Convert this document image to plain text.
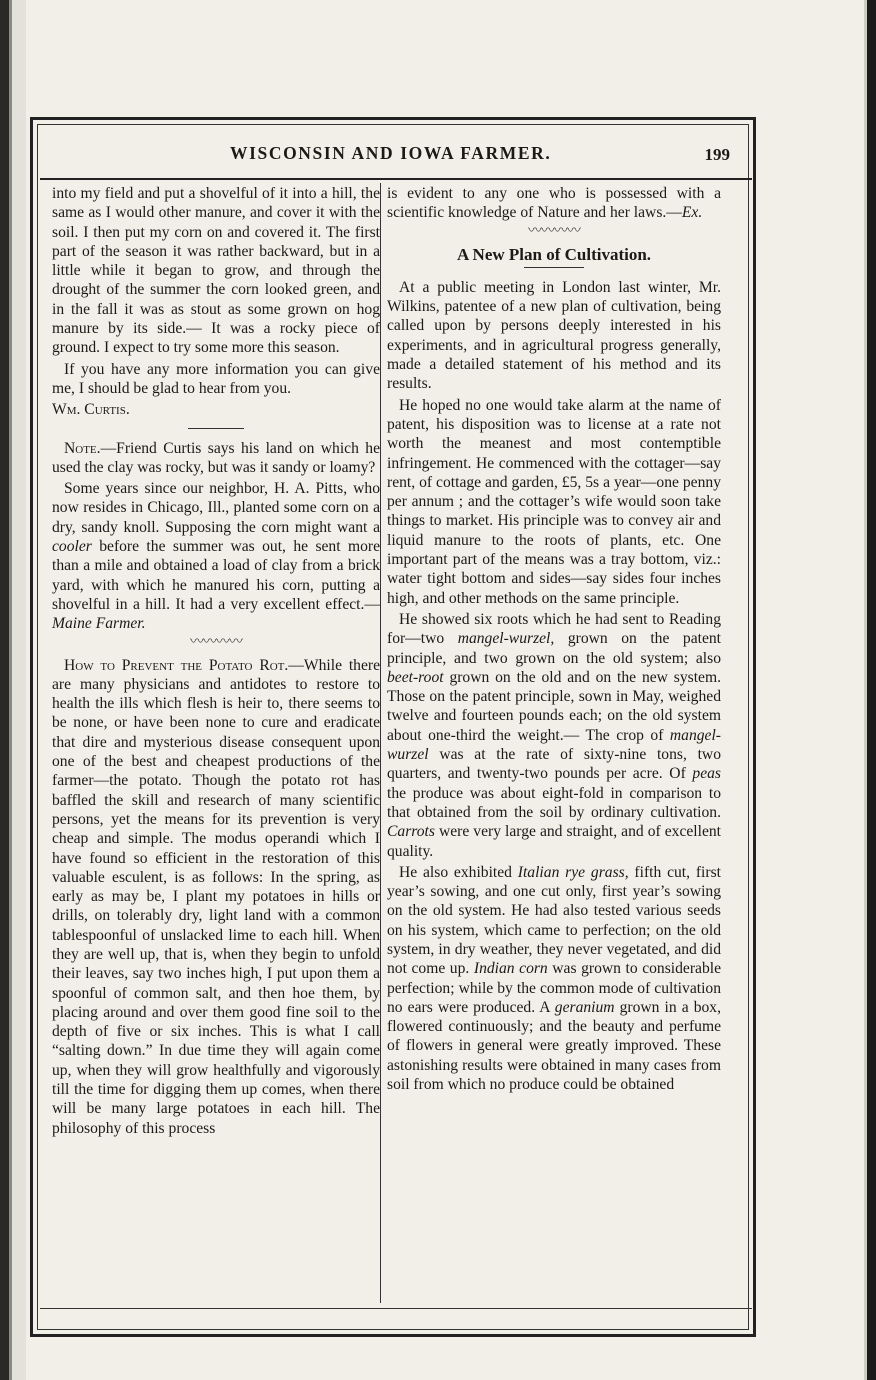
WISCONSIN AND IOWA FARMER.	199

into my field and put a shovelful of it into a hill, the same as I would other manure, and cover it with the soil. I then put my corn on and covered it. The first part of the season it was rather backward, but in a little while it began to grow, and through the drought of the summer the corn looked green, and in the fall it was as stout as some grown on hog manure by its side.— It was a rocky piece of ground. I expect to try some more this season.

If you have any more information you can give me, I should be glad to hear from you.

Wm. Curtis.

Note.—Friend Curtis says his land on which he used the clay was rocky, but was it sandy or loamy?

Some years since our neighbor, H. A. Pitts, who now resides in Chicago, Ill., planted some corn on a dry, sandy knoll. Supposing the corn might want a cooler before the summer was out, he sent more than a mile and obtained a load of clay from a brick yard, with which he manured his corn, putting a shovelful in a hill. It had a very excellent effect.—Maine Farmer.

〰〰〰〰

How to Prevent the Potato Rot.—While there are many physicians and antidotes to restore to health the ills which flesh is heir to, there seems to be none, or have been none to cure and eradicate that dire and mysterious disease consequent upon one of the best and cheapest productions of the farmer—the potato. Though the potato rot has baffled the skill and research of many scientific persons, yet the means for its prevention is very cheap and simple. The modus operandi which I have found so efficient in the restoration of this valuable esculent, is as follows: In the spring, as early as may be, I plant my potatoes in hills or drills, on tolerably dry, light land with a common tablespoonful of unslacked lime to each hill. When they are well up, that is, when they begin to unfold their leaves, say two inches high, I put upon them a spoonful of common salt, and then hoe them, by placing around and over them good fine soil to the depth of five or six inches. This is what I call “salting down.” In due time they will again come up, when they will grow healthfully and vigorously till the time for digging them up comes, when there will be many large potatoes in each hill. The philosophy of this process

is evident to any one who is possessed with a scientific knowledge of Nature and her laws.—Ex.

〰〰〰〰
A New Plan of Cultivation.

At a public meeting in London last winter, Mr. Wilkins, patentee of a new plan of cultivation, being called upon by persons deeply interested in his experiments, and in agricultural progress generally, made a detailed statement of his method and its results.

He hoped no one would take alarm at the name of patent, his disposition was to license at a rate not worth the meanest and most contemptible infringement. He commenced with the cottager—say rent, of cottage and garden, £5, 5s a year—one penny per annum ; and the cottager’s wife would soon take things to market. His principle was to convey air and liquid manure to the roots of plants, etc. One important part of the means was a tray bottom, viz.: water tight bottom and sides—say sides four inches high, and other methods on the same principle.

He showed six roots which he had sent to Reading for—two mangel-wurzel, grown on the patent principle, and two grown on the old system; also beet-root grown on the old and on the new system. Those on the patent principle, sown in May, weighed twelve and fourteen pounds each; on the old system about one-third the weight.— The crop of mangel-wurzel was at the rate of sixty-nine tons, two quarters, and twenty-two pounds per acre. Of peas the produce was about eight-fold in comparison to that obtained from the soil by ordinary cultivation. Carrots were very large and straight, and of excellent quality.

He also exhibited Italian rye grass, fifth cut, first year’s sowing, and one cut only, first year’s sowing on the old system. He had also tested various seeds on his system, which came to perfection; on the old system, in dry weather, they never vegetated, and did not come up. Indian corn was grown to considerable perfection; while by the common mode of cultivation no ears were produced. A geranium grown in a box, flowered continuously; and the beauty and perfume of flowers in general were greatly improved. These astonishing results were obtained in many cases from soil from which no produce could be obtained
